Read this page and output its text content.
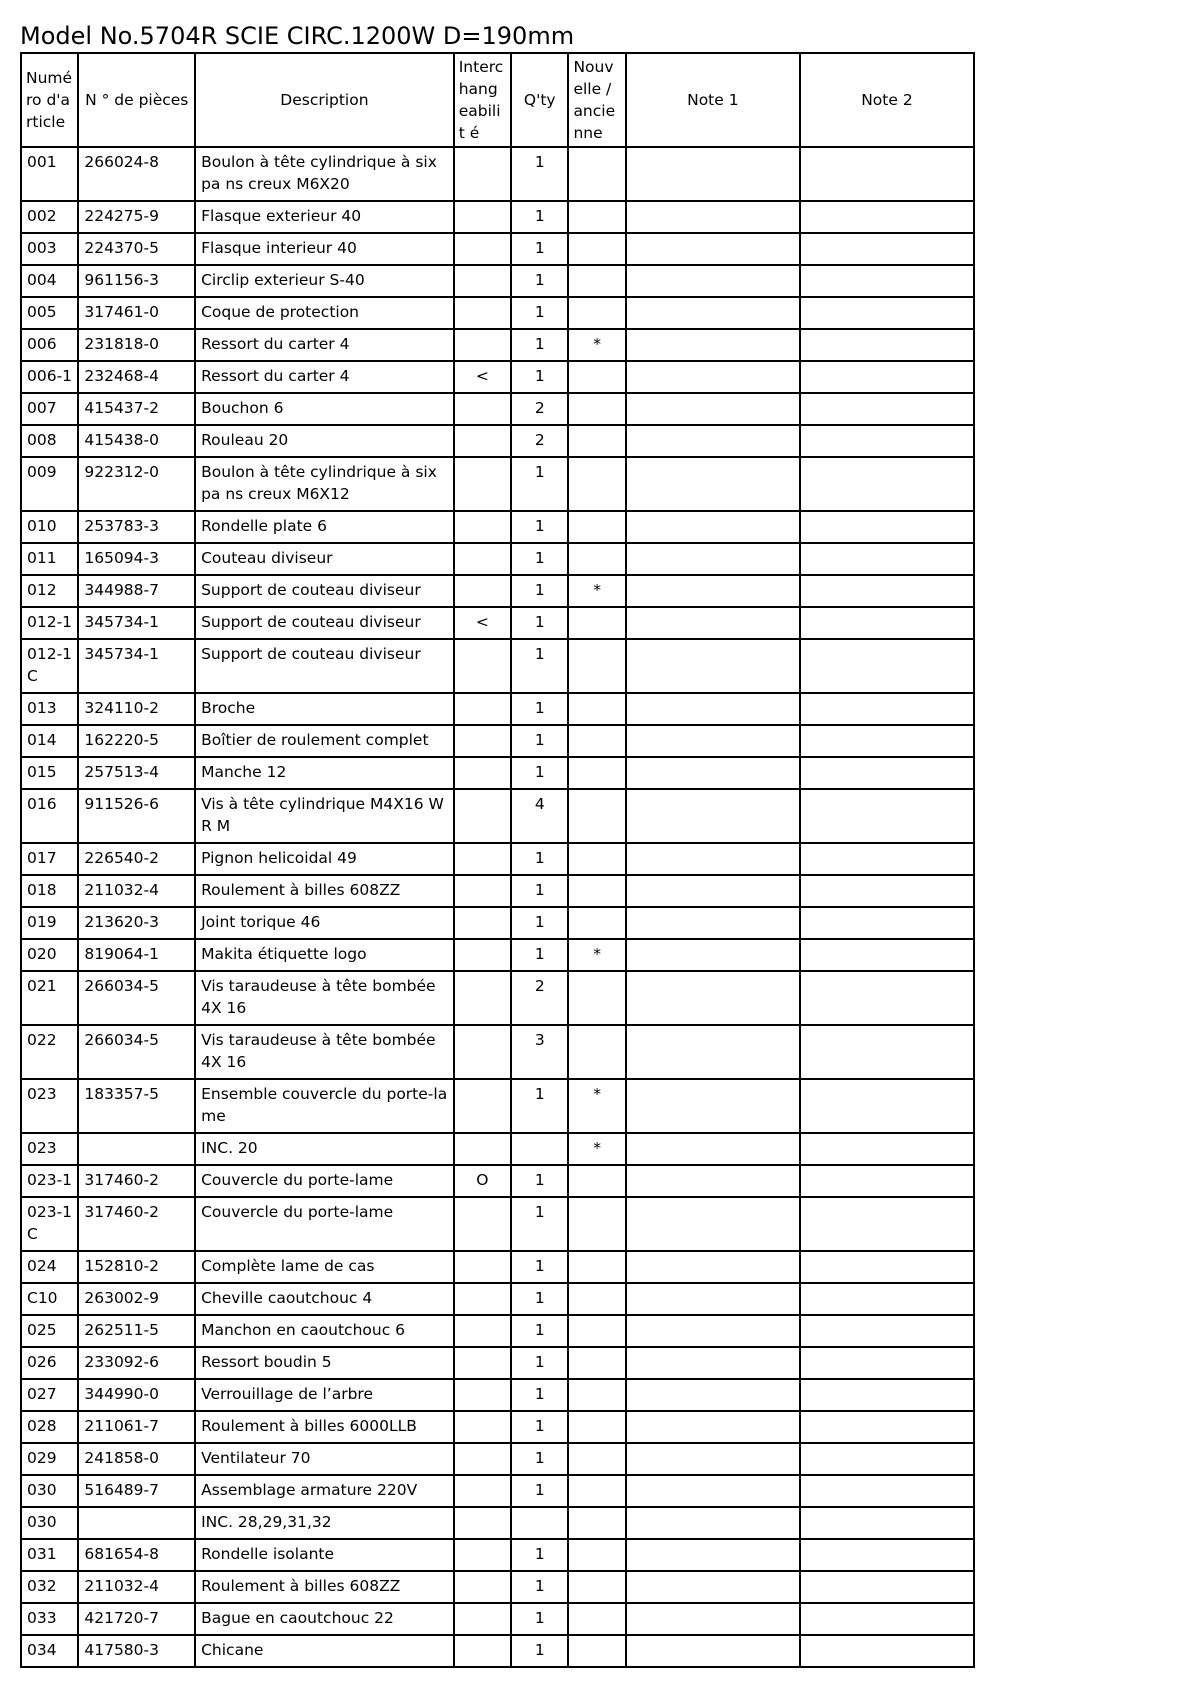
Model No.5704R SCIE CIRC.1200W D=190mm
Numé ro d'a rticle	N ° de pièces	Description	Interc hang eabilit é	Q'ty	Nouv elle / ancie nne	Note 1	Note 2
001	266024-8	Boulon à tête cylindrique à six pa ns creux M6X20		1			
002	224275-9	Flasque exterieur 40		1			
003	224370-5	Flasque interieur 40		1			
004	961156-3	Circlip exterieur S-40		1			
005	317461-0	Coque de protection		1			
006	231818-0	Ressort du carter 4		1	*		
006-1	232468-4	Ressort du carter 4	<	1			
007	415437-2	Bouchon 6		2			
008	415438-0	Rouleau 20		2			
009	922312-0	Boulon à tête cylindrique à six pa ns creux M6X12		1			
010	253783-3	Rondelle plate 6		1			
011	165094-3	Couteau diviseur		1			
012	344988-7	Support de couteau diviseur		1	*		
012-1	345734-1	Support de couteau diviseur	<	1			
012-1 C	345734-1	Support de couteau diviseur		1			
013	324110-2	Broche		1			
014	162220-5	Boîtier de roulement complet		1			
015	257513-4	Manche 12		1			
016	911526-6	Vis à tête cylindrique M4X16 WR M		4			
017	226540-2	Pignon helicoidal 49		1			
018	211032-4	Roulement à billes 608ZZ		1			
019	213620-3	Joint torique 46		1			
020	819064-1	Makita étiquette logo		1	*		
021	266034-5	Vis taraudeuse à tête bombée 4X 16		2			
022	266034-5	Vis taraudeuse à tête bombée 4X 16		3			
023	183357-5	Ensemble couvercle du porte-la me		1	*		
023		INC. 20			*		
023-1	317460-2	Couvercle du porte-lame	O	1			
023-1 C	317460-2	Couvercle du porte-lame		1			
024	152810-2	Complète lame de cas		1			
C10	263002-9	Cheville caoutchouc 4		1			
025	262511-5	Manchon en caoutchouc 6		1			
026	233092-6	Ressort boudin 5		1			
027	344990-0	Verrouillage de l’arbre		1			
028	211061-7	Roulement à billes 6000LLB		1			
029	241858-0	Ventilateur 70		1			
030	516489-7	Assemblage armature 220V		1			
030		INC. 28,29,31,32					
031	681654-8	Rondelle isolante		1			
032	211032-4	Roulement à billes 608ZZ		1			
033	421720-7	Bague en caoutchouc 22		1			
034	417580-3	Chicane		1			
